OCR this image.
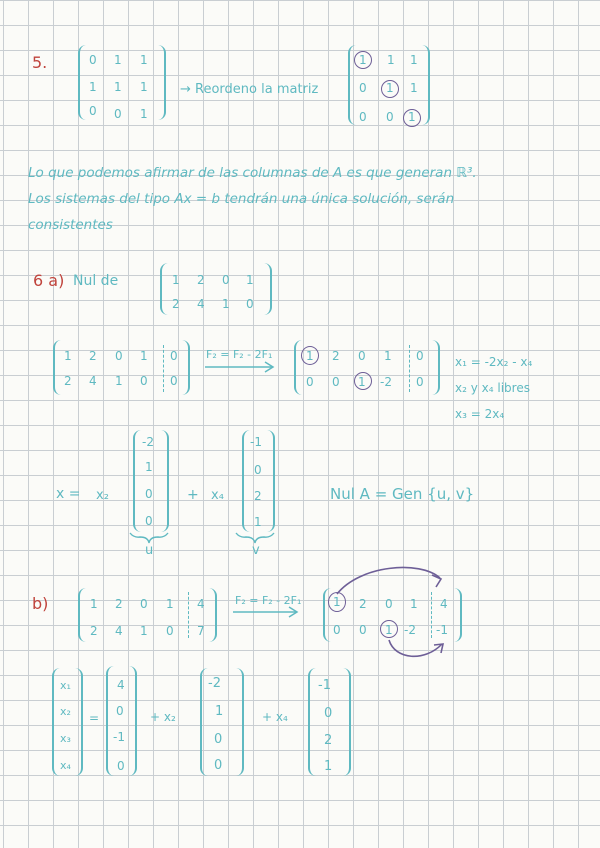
5.	0 1 1
1 1 1
0 0 1
→ Reordeno la matriz
1 1 1
0 1 1
0 0 1
Lo que podemos afirmar de las columnas de A es que generan ℝ³.
Los sistemas del tipo Ax = b tendrán una única solución, serán
consistentes
6 a) Nul de	1 2 0 1
2 4 1 0
1 2 0 1 0
2 4 1 0 0
F₂ = F₂ - 2F₁	1 2 0 1 0
0 0 1 -2 0
x₁ = -2x₂ - x₄
x₂ y x₄ libres
x₃ = 2x₄
x = x₂
-2
1
0
0
+ x₄
-1
0
2
1
u	v
Nul A = Gen {u, v}
b)	1 2 0 1 4
2 4 1 0 7
F₂ = F₂ - 2F₁	1 2 0 1 4
0 0 1 -2 -1
x₁
x₂
x₃
x₄
=
4
0
-1
0
+ x₂
-2
1
0
0
+ x₄
-1
0
2
1
